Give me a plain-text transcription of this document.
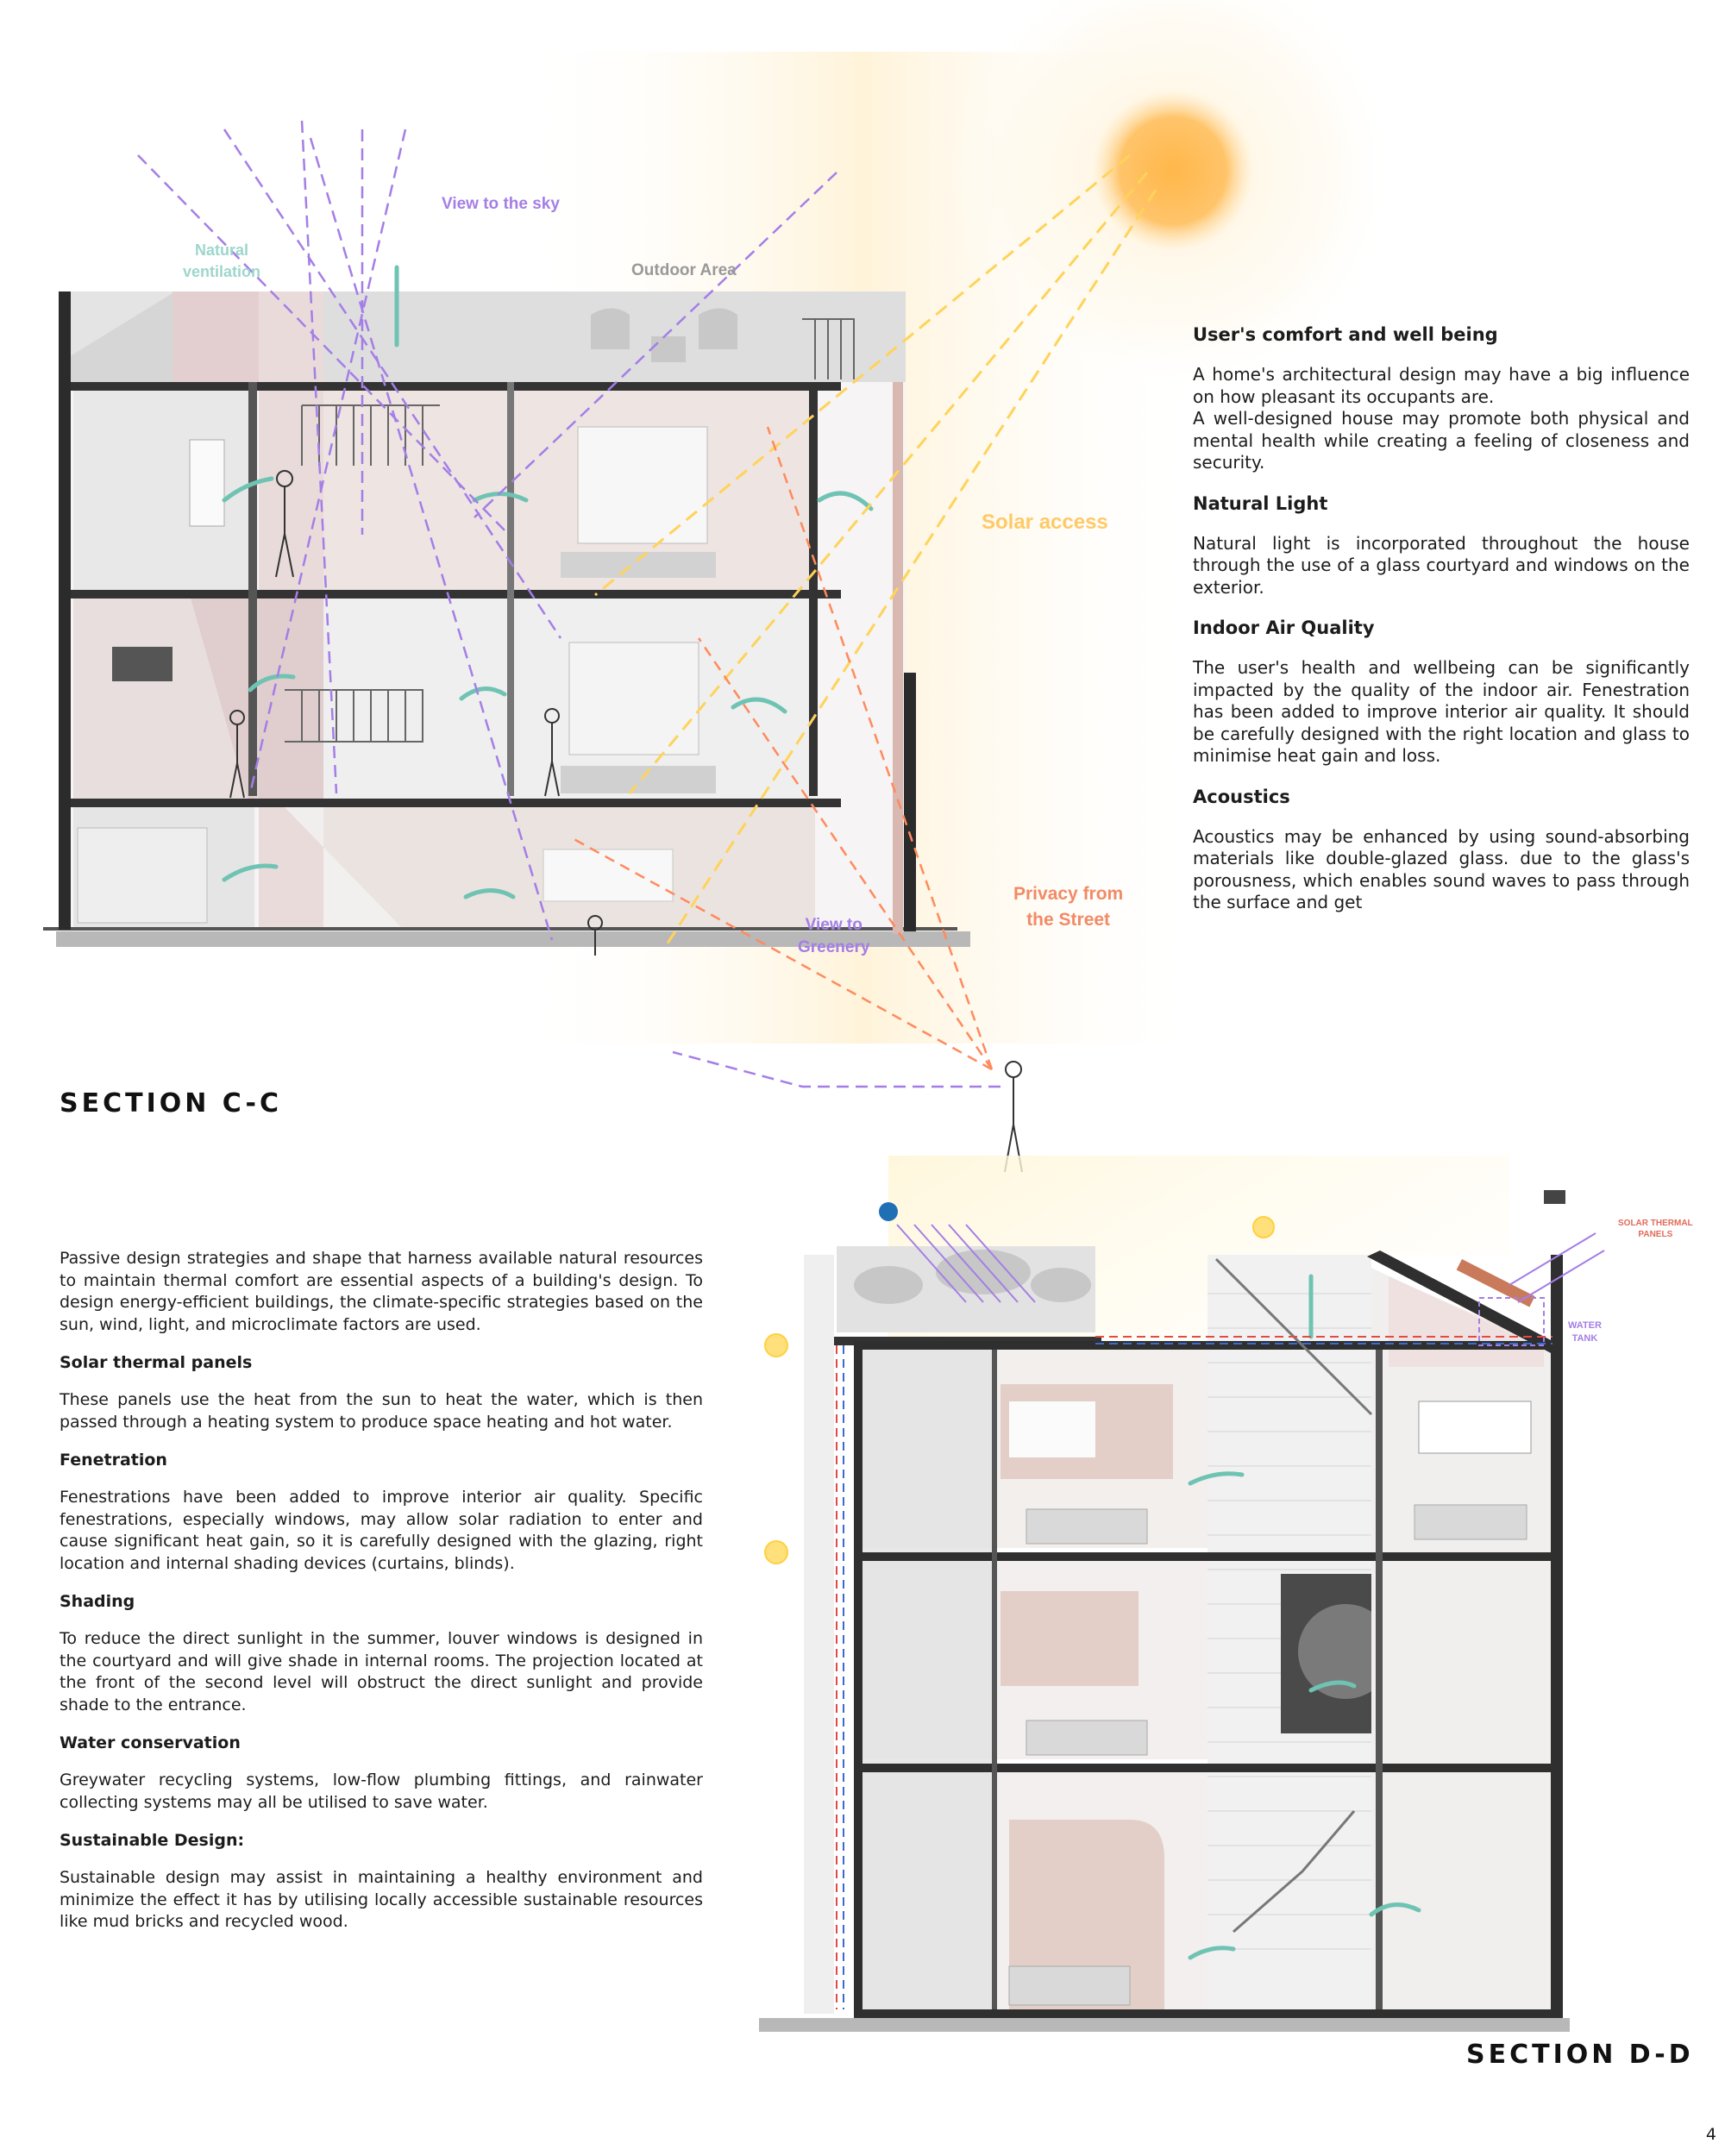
View to the sky
Natural
ventilation	Outdoor Area
Solar access
Privacy from
the Street
View to
Greenery
SECTION C-C
User's comfort and well being
A home's architectural design may have a big influence on how pleasant its occupants are.
A well-designed house may promote both physical and mental health while creating a feeling of closeness and security.
Natural Light
Natural light is incorporated throughout the house through the use of a glass courtyard and windows on the exterior.
Indoor Air Quality
The user's health and wellbeing can be significantly impacted by the quality of the indoor air. Fenestration has been added to improve interior air quality. It should be carefully designed with the right location and glass to minimise heat gain and loss.
Acoustics
Acoustics may be enhanced by using sound-absorbing materials like double-glazed glass. due to the glass's porousness, which enables sound waves to pass through the surface and get
SOLAR THERMAL
PANELS
WATER
TANK
Passive design strategies and shape that harness available natural resources to maintain thermal comfort are essential aspects of a building's design. To design energy-efficient buildings, the climate-specific strategies based on the sun, wind, light, and microclimate factors are used.
Solar thermal panels
These panels use the heat from the sun to heat the water, which is then passed through a heating system to produce space heating and hot water.
Fenetration
Fenestrations have been added to improve interior air quality. Specific fenestrations, especially windows, may allow solar radiation to enter and cause significant heat gain, so it is carefully designed with the glazing, right location and internal shading devices (curtains, blinds).
Shading
To reduce the direct sunlight in the summer, louver windows is designed in the courtyard and will give shade in internal rooms. The projection located at the front of the second level will obstruct the direct sunlight and provide shade to the entrance.
Water conservation
Greywater recycling systems, low-flow plumbing fittings, and rainwater collecting systems may all be utilised to save water.
Sustainable Design:
Sustainable design may assist in maintaining a healthy environment and minimize the effect it has by utilising locally accessible sustainable resources like mud bricks and recycled wood.
SECTION D-D
4
